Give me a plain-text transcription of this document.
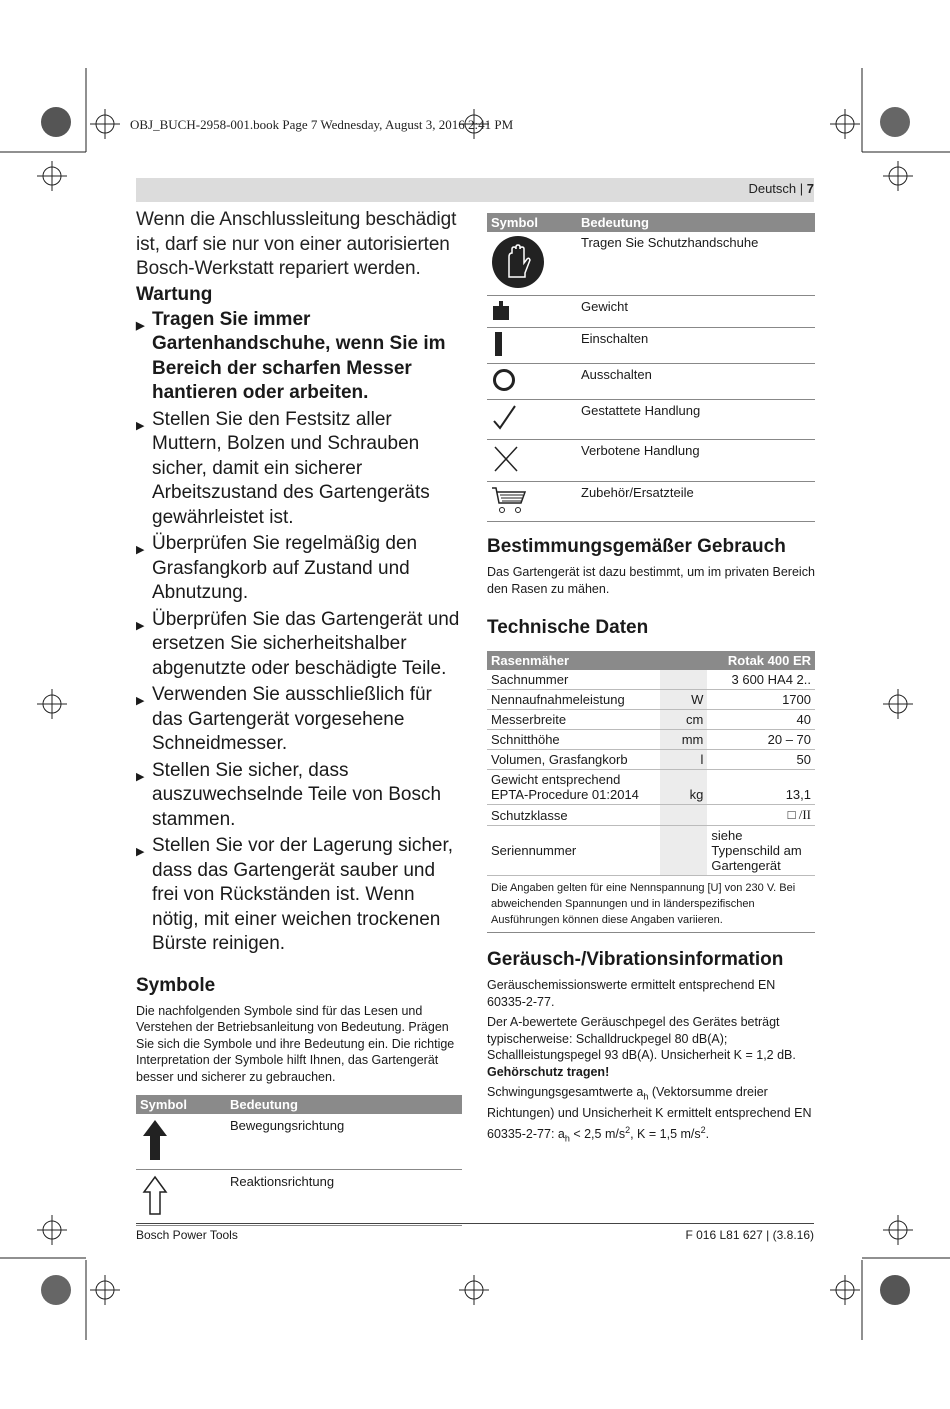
OBJ_BUCH-2958-001.book Page 7 Wednesday, August 3, 2016 2:41 PM
Deutsch | 7
Wenn die Anschlussleitung beschädigt ist, darf sie nur von einer autorisierten Bosch-Werkstatt repariert werden.
Wartung
▶ Tragen Sie immer Gartenhandschuhe, wenn Sie im Bereich der scharfen Messer hantieren oder arbeiten.
▶ Stellen Sie den Festsitz aller Muttern, Bolzen und Schrauben sicher, damit ein sicherer Arbeitszustand des Gartengeräts gewährleistet ist.
▶ Überprüfen Sie regelmäßig den Grasfangkorb auf Zustand und Abnutzung.
▶ Überprüfen Sie das Gartengerät und ersetzen Sie sicherheitshalber abgenutzte oder beschädigte Teile.
▶ Verwenden Sie ausschließlich für das Gartengerät vorgesehene Schneidmesser.
▶ Stellen Sie sicher, dass auszuwechselnde Teile von Bosch stammen.
▶ Stellen Sie vor der Lagerung sicher, dass das Gartengerät sauber und frei von Rückständen ist. Wenn nötig, mit einer weichen trockenen Bürste reinigen.
Symbole
Die nachfolgenden Symbole sind für das Lesen und Verstehen der Betriebsanleitung von Bedeutung. Prägen Sie sich die Symbole und ihre Bedeutung ein. Die richtige Interpretation der Symbole hilft Ihnen, das Gartengerät besser und sicherer zu gebrauchen.
Symbol	Bedeutung
	Bewegungsrichtung
	Reaktionsrichtung
Symbol	Bedeutung
	Tragen Sie Schutzhandschuhe
	Gewicht
	Einschalten
	Ausschalten
	Gestattete Handlung
	Verbotene Handlung
	Zubehör/Ersatzteile
Bestimmungsgemäßer Gebrauch
Das Gartengerät ist dazu bestimmt, um im privaten Bereich den Rasen zu mähen.
Technische Daten
Rasenmäher		Rotak 400 ER
Sachnummer		3 600 HA4 2..
Nennaufnahmeleistung	W	1700
Messerbreite	cm	40
Schnitthöhe	mm	20 – 70
Volumen, Grasfangkorb	l	50
Gewicht entsprechend EPTA-Procedure 01:2014	kg	13,1
Schutzklasse		□ /II
Seriennummer		siehe Typenschild am Gartengerät
Die Angaben gelten für eine Nennspannung [U] von 230 V. Bei abweichenden Spannungen und in länderspezifischen Ausführungen können diese Angaben variieren.
Geräusch-/Vibrationsinformation
Geräuschemissionswerte ermittelt entsprechend EN 60335-2-77.
Der A-bewertete Geräuschpegel des Gerätes beträgt typischerweise: Schalldruckpegel 80 dB(A); Schallleistungspegel 93 dB(A). Unsicherheit K = 1,2 dB.
Gehörschutz tragen!
Schwingungsgesamtwerte $a_h$ (Vektorsumme dreier Richtungen) und Unsicherheit K ermittelt entsprechend EN 60335-2-77: $a_h < 2,5$ $m/s^2$, K = 1,5 $m/s^2$.
Bosch Power Tools	F 016 L81 627 | (3.8.16)
